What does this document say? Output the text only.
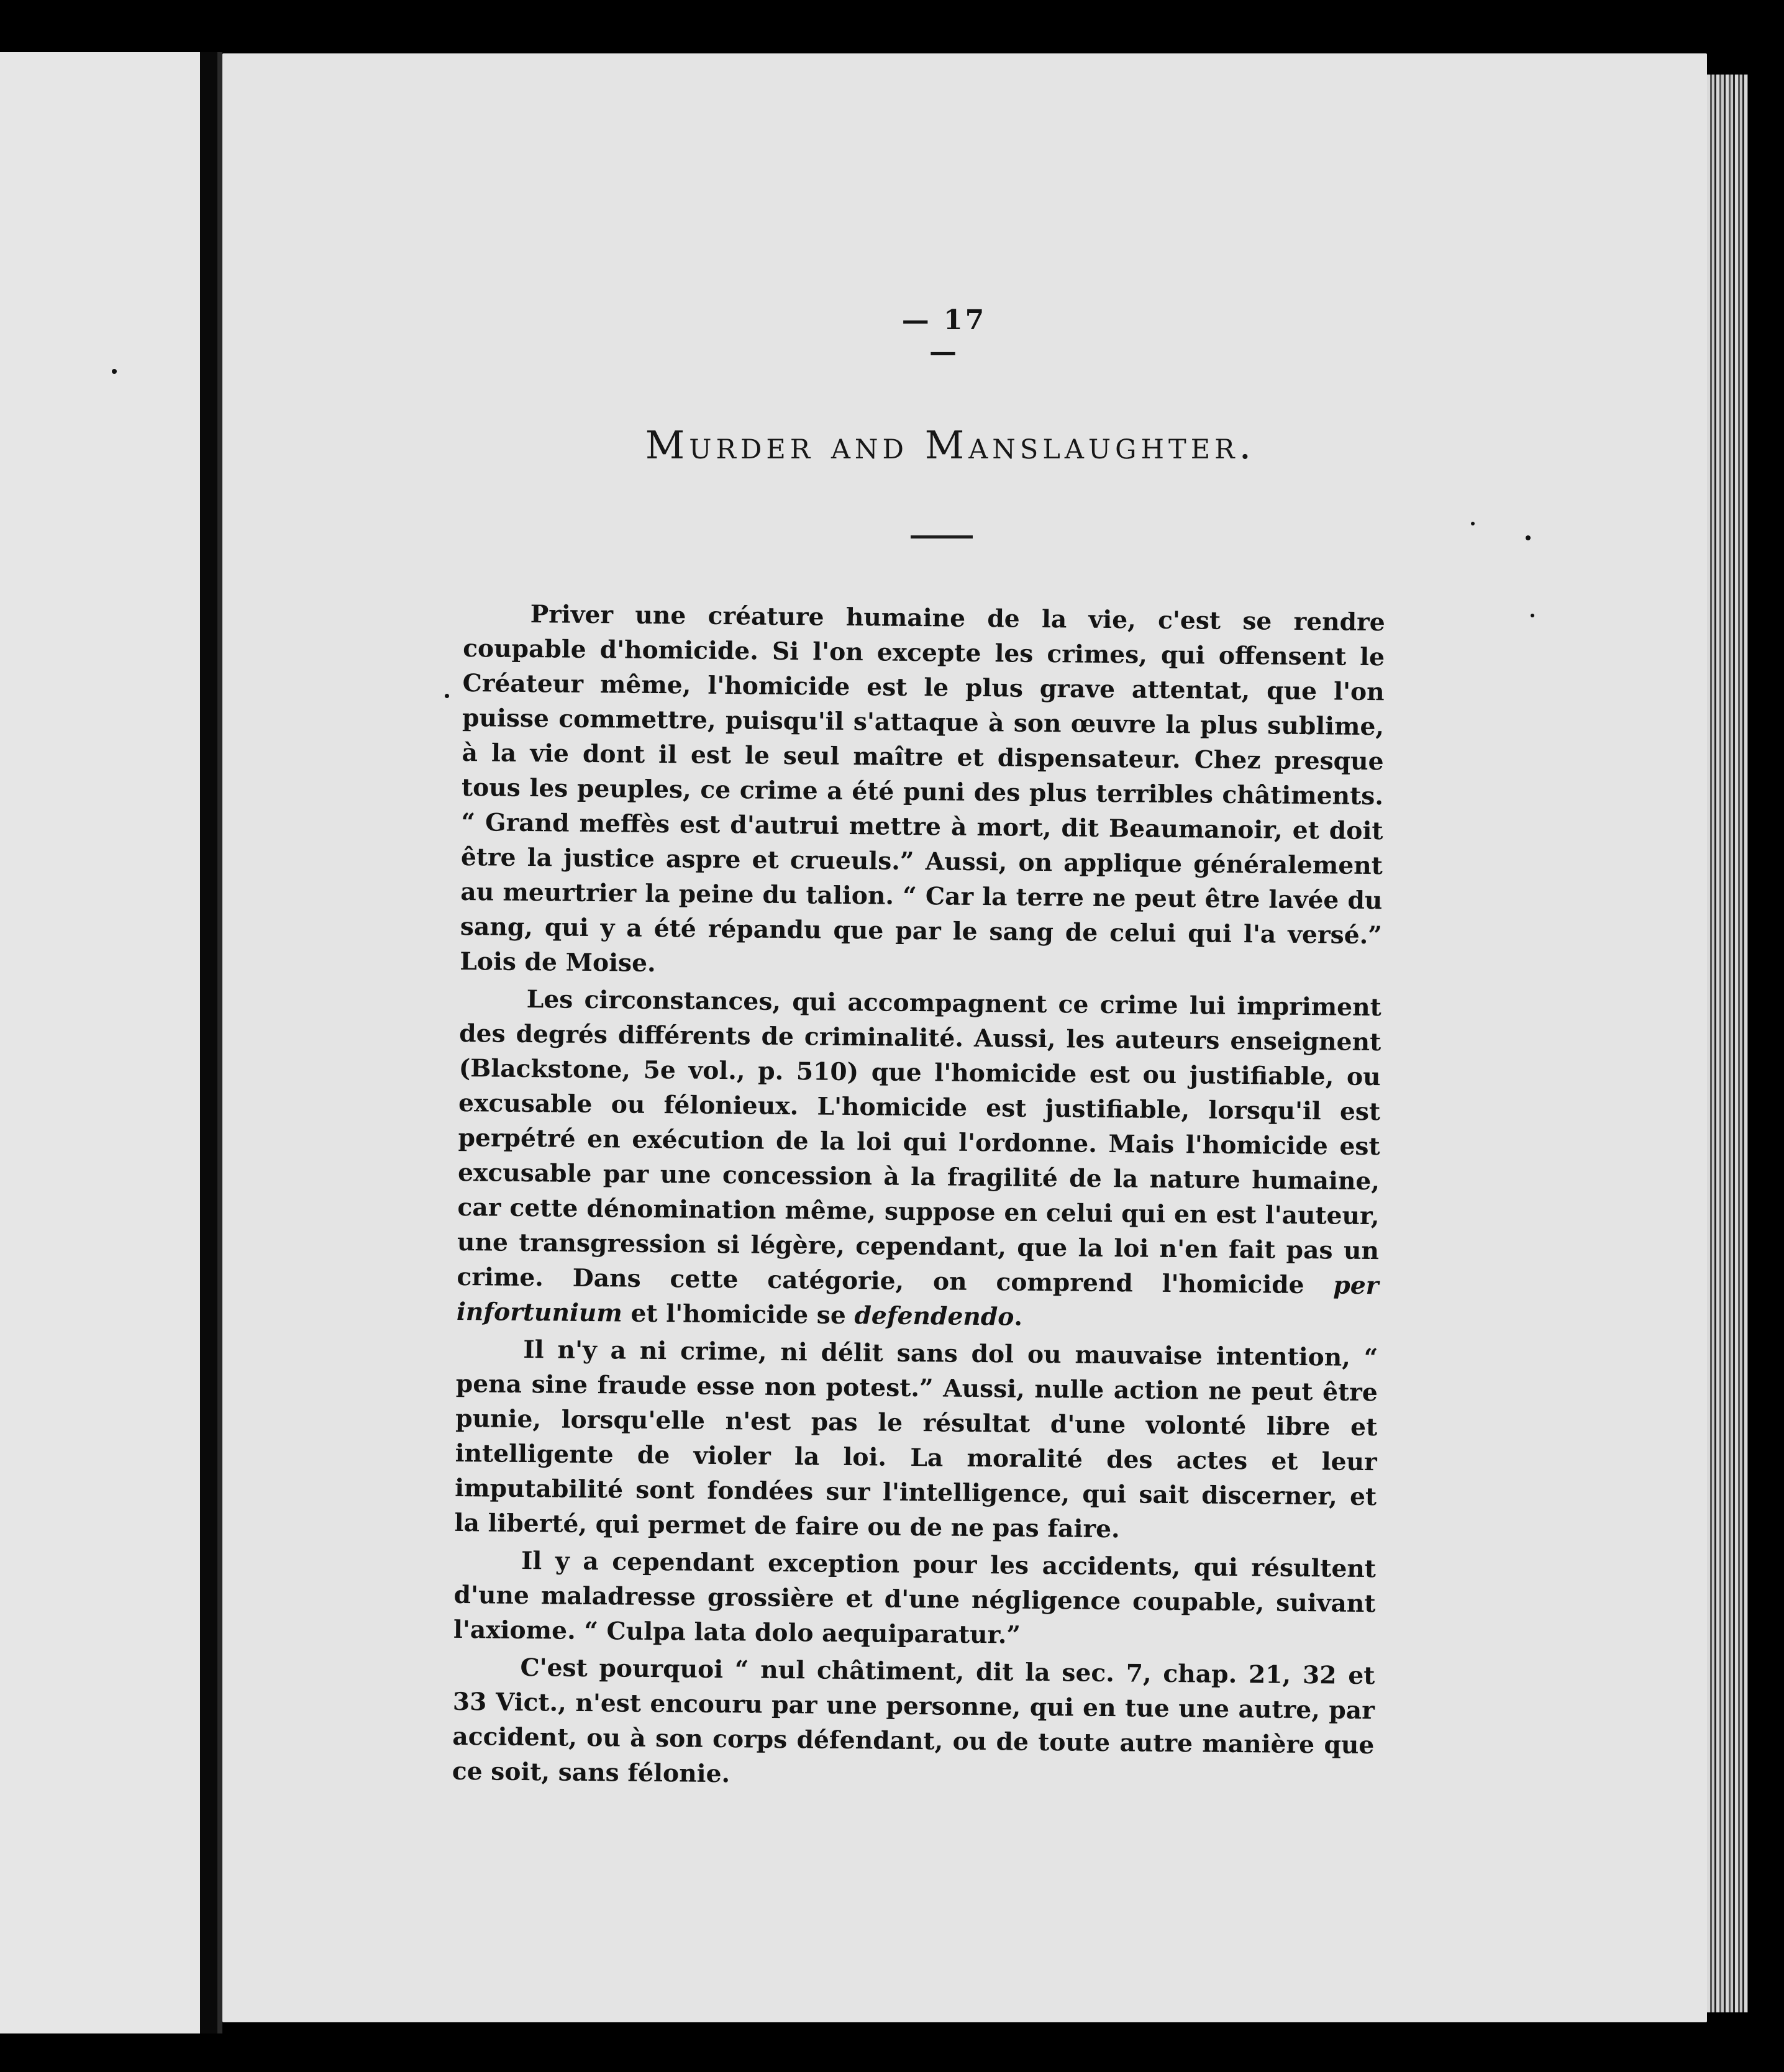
— 17 —
Murder and Manslaughter.

Priver une créature humaine de la vie, c'est se rendre coupable d'homicide. Si l'on excepte les crimes, qui offensent le Créateur même, l'homicide est le plus grave attentat, que l'on puisse commettre, puisqu'il s'attaque à son œuvre la plus sublime, à la vie dont il est le seul maître et dispensateur. Chez presque tous les peuples, ce crime a été puni des plus terribles châtiments. “ Grand meffès est d'autrui mettre à mort, dit Beaumanoir, et doit être la justice aspre et crueuls.” Aussi, on applique généralement au meurtrier la peine du talion. “ Car la terre ne peut être lavée du sang, qui y a été répandu que par le sang de celui qui l'a versé.” Lois de Moise.

Les circonstances, qui accompagnent ce crime lui impriment des degrés différents de criminalité. Aussi, les auteurs enseignent (Blackstone, 5e vol., p. 510) que l'homicide est ou justifiable, ou excusable ou félonieux. L'homicide est justifiable, lorsqu'il est perpétré en exécution de la loi qui l'ordonne. Mais l'homicide est excusable par une concession à la fragilité de la nature humaine, car cette dénomination même, suppose en celui qui en est l'auteur, une transgression si légère, cependant, que la loi n'en fait pas un crime. Dans cette catégorie, on comprend l'homicide per infortunium et l'homicide se defendendo.

Il n'y a ni crime, ni délit sans dol ou mauvaise intention, “ pena sine fraude esse non potest.” Aussi, nulle action ne peut être punie, lorsqu'elle n'est pas le résultat d'une volonté libre et intelligente de violer la loi. La moralité des actes et leur imputabilité sont fondées sur l'intelligence, qui sait discerner, et la liberté, qui permet de faire ou de ne pas faire.

Il y a cependant exception pour les accidents, qui résultent d'une maladresse grossière et d'une négligence coupable, suivant l'axiome. “ Culpa lata dolo aequiparatur.”

C'est pourquoi “ nul châtiment, dit la sec. 7, chap. 21, 32 et 33 Vict., n'est encouru par une personne, qui en tue une autre, par accident, ou à son corps défendant, ou de toute autre manière que ce soit, sans félonie.
